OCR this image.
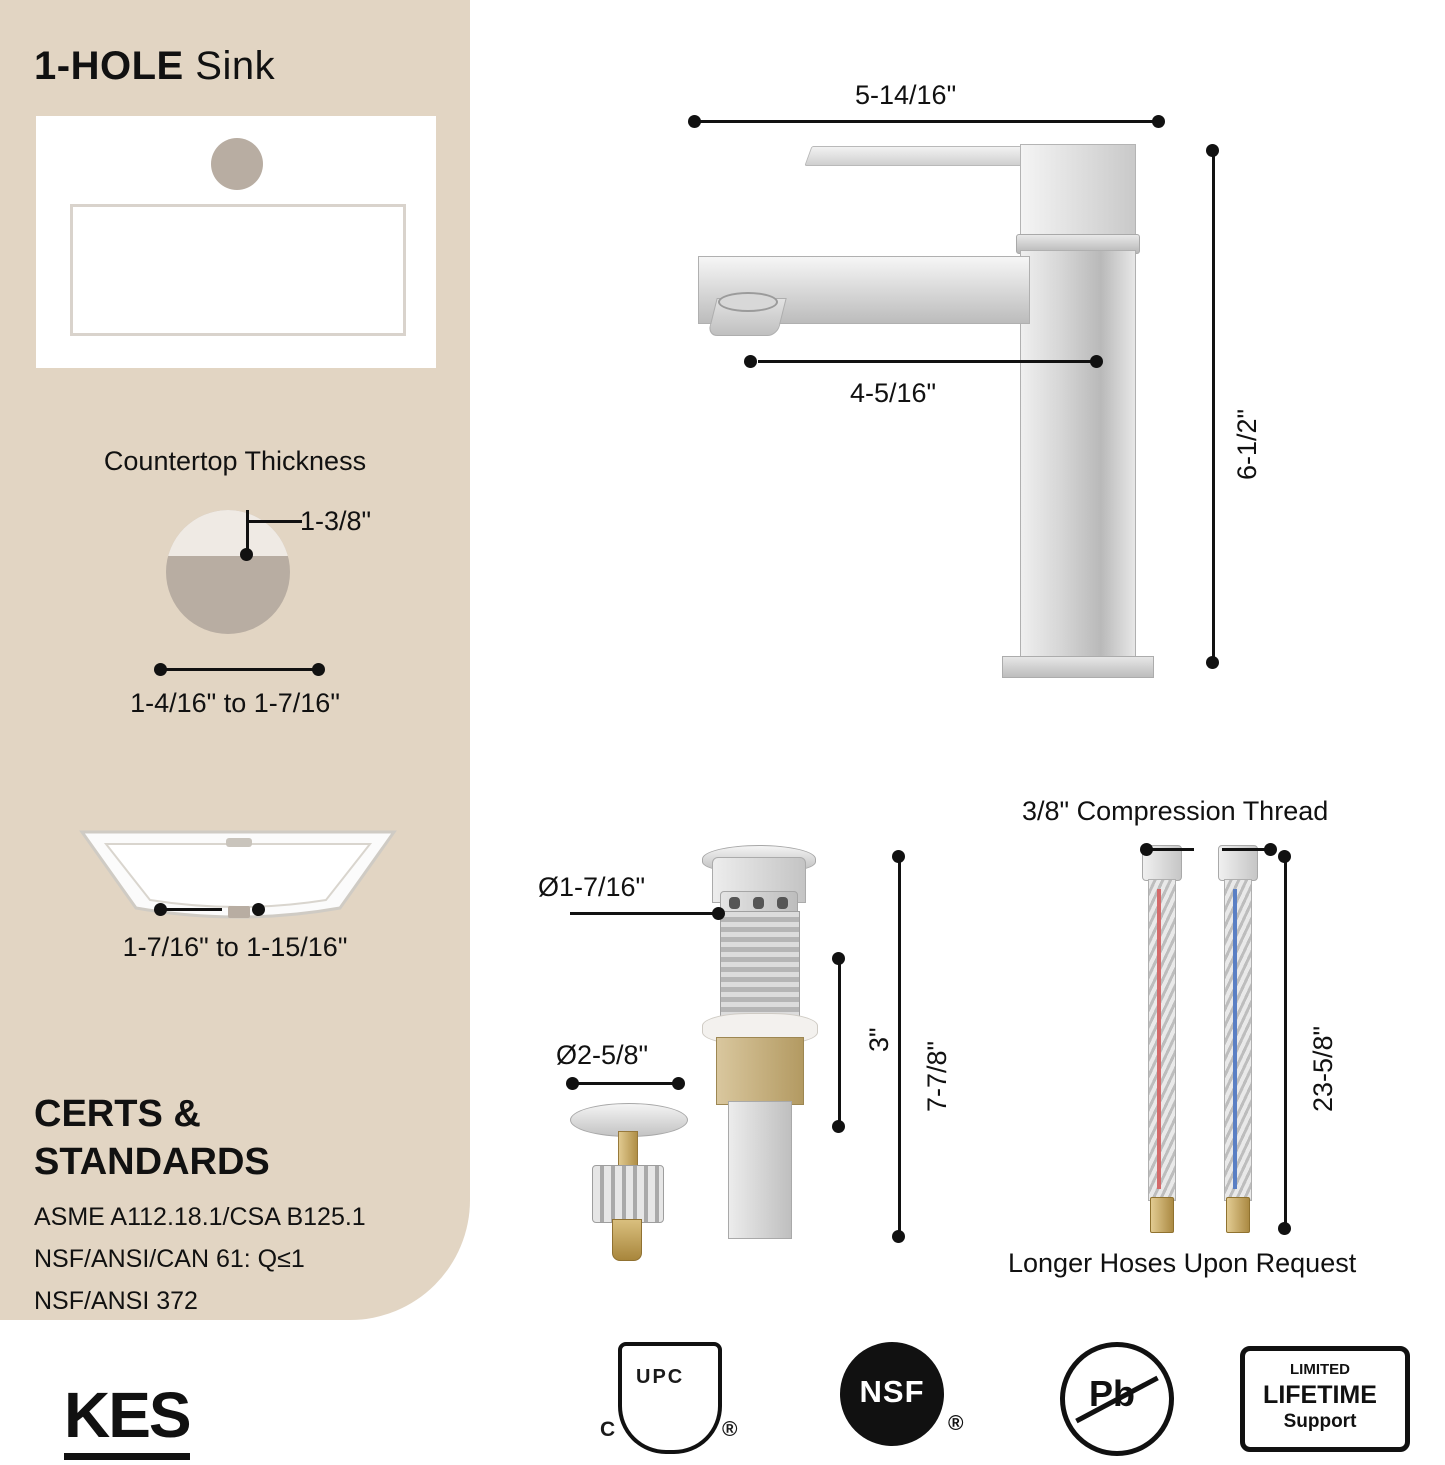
1-HOLE Sink
Countertop Thickness
1-3/8"
1-4/16" to 1-7/16"
1-7/16" to 1-15/16"
CERTS &
STANDARDS
ASME A112.18.1/CSA B125.1
NSF/ANSI/CAN 61: Q≤1
NSF/ANSI 372
KES
5-14/16"
4-5/16"
6-1/2"
Ø1-7/16"
Ø2-5/8"
3"
7-7/8"
3/8" Compression Thread
23-5/8"
Longer Hoses Upon Request
UPC
C	®
NSF
®
Pb
LIMITED
LIFETIME
Support
